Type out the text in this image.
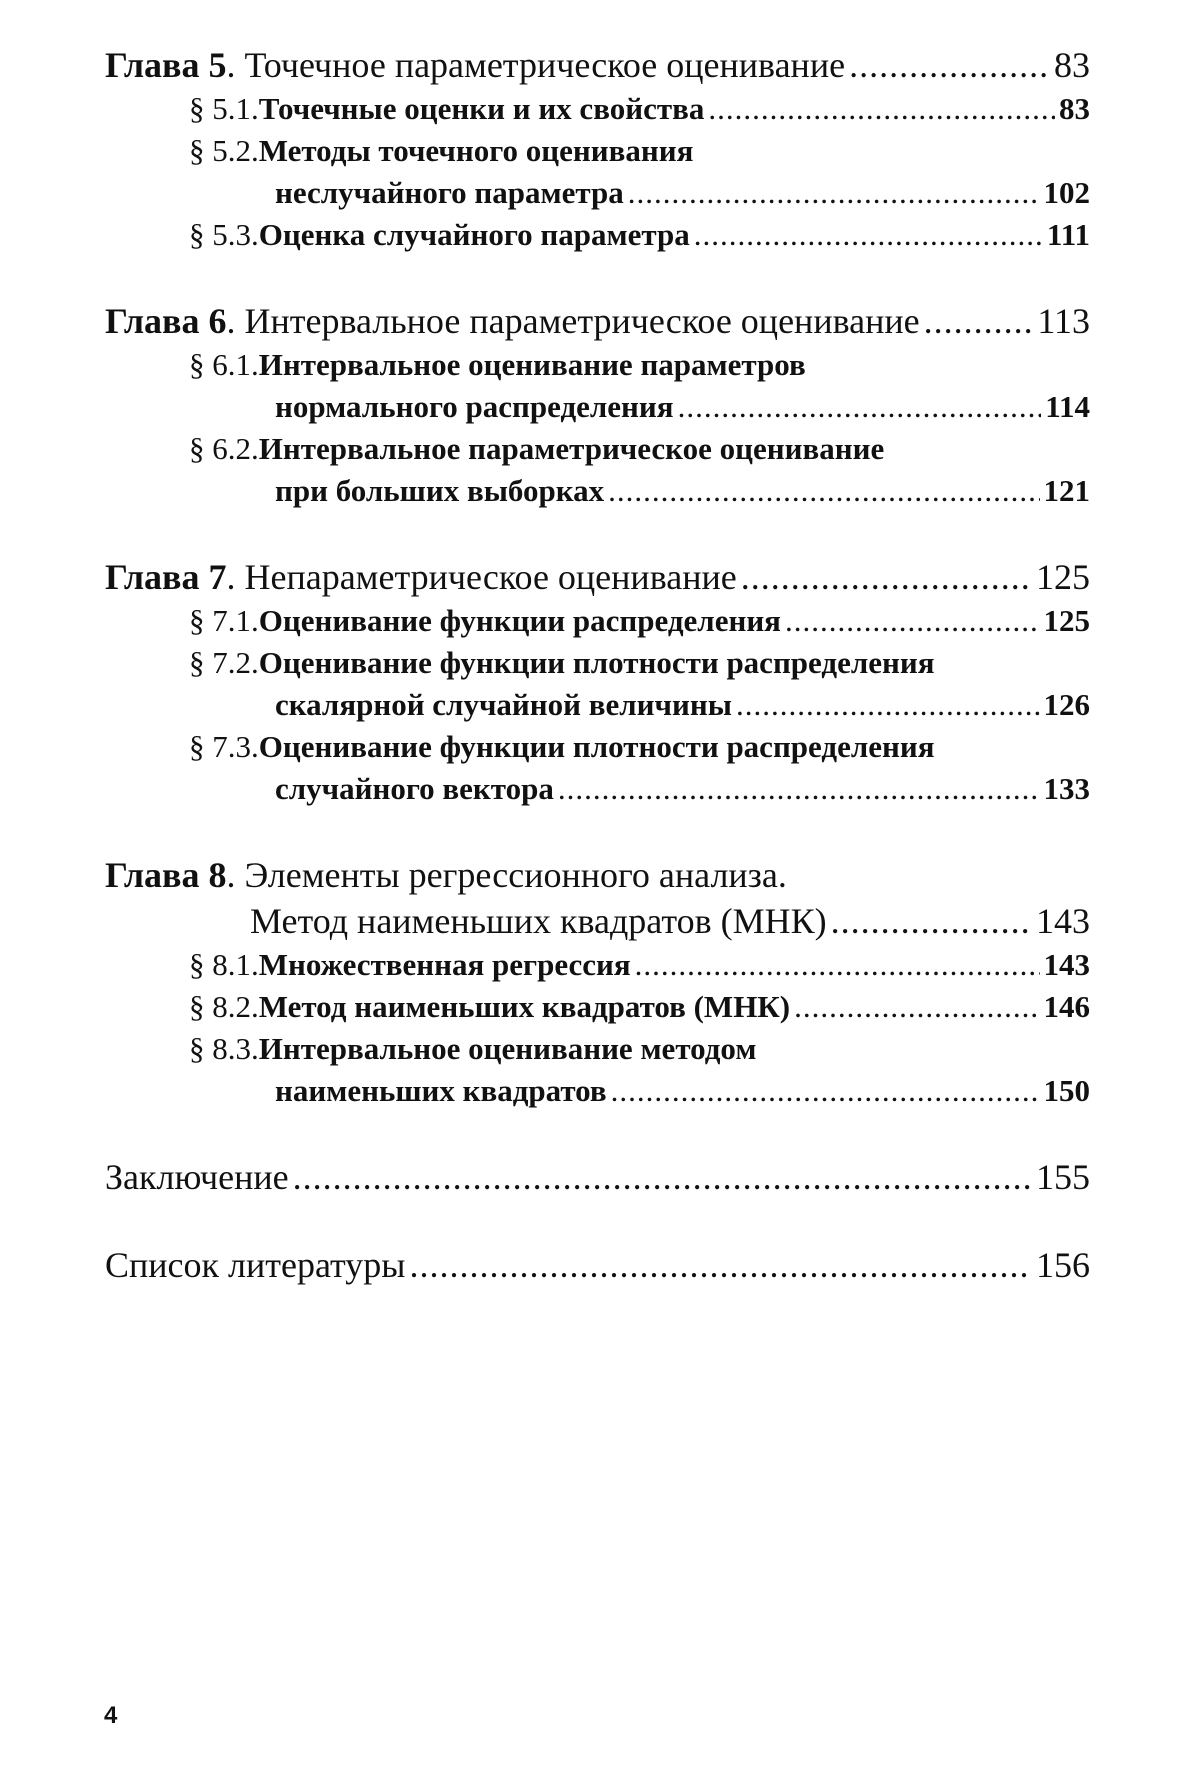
Глава 5 . Точечное параметрическое оценивание .....	83
§ 5.1. Точечные оценки и их свойства .....	83
§ 5.2. Методы точечного оценивания
неслучайного параметра .....	102
§ 5.3. Оценка случайного параметра .....	111
Глава 6 . Интервальное параметрическое оценивание .....	113
§ 6.1. Интервальное оценивание параметров
нормального распределения .....	114
§ 6.2. Интервальное параметрическое оценивание
при больших выборках .....	121
Глава 7 . Непараметрическое оценивание .....	125
§ 7.1. Оценивание функции распределения .....	125
§ 7.2. Оценивание функции плотности распределения
скалярной случайной величины .....	126
§ 7.3. Оценивание функции плотности распределения
случайного вектора .....	133
Глава 8 . Элементы регрессионного анализа.
Метод наименьших квадратов (МНК) .....	143
§ 8.1. Множественная регрессия .....	143
§ 8.2. Метод наименьших квадратов (МНК) .....	146
§ 8.3. Интервальное оценивание методом
наименьших квадратов .....	150
Заключение .....	155
Список литературы .....	156
4
